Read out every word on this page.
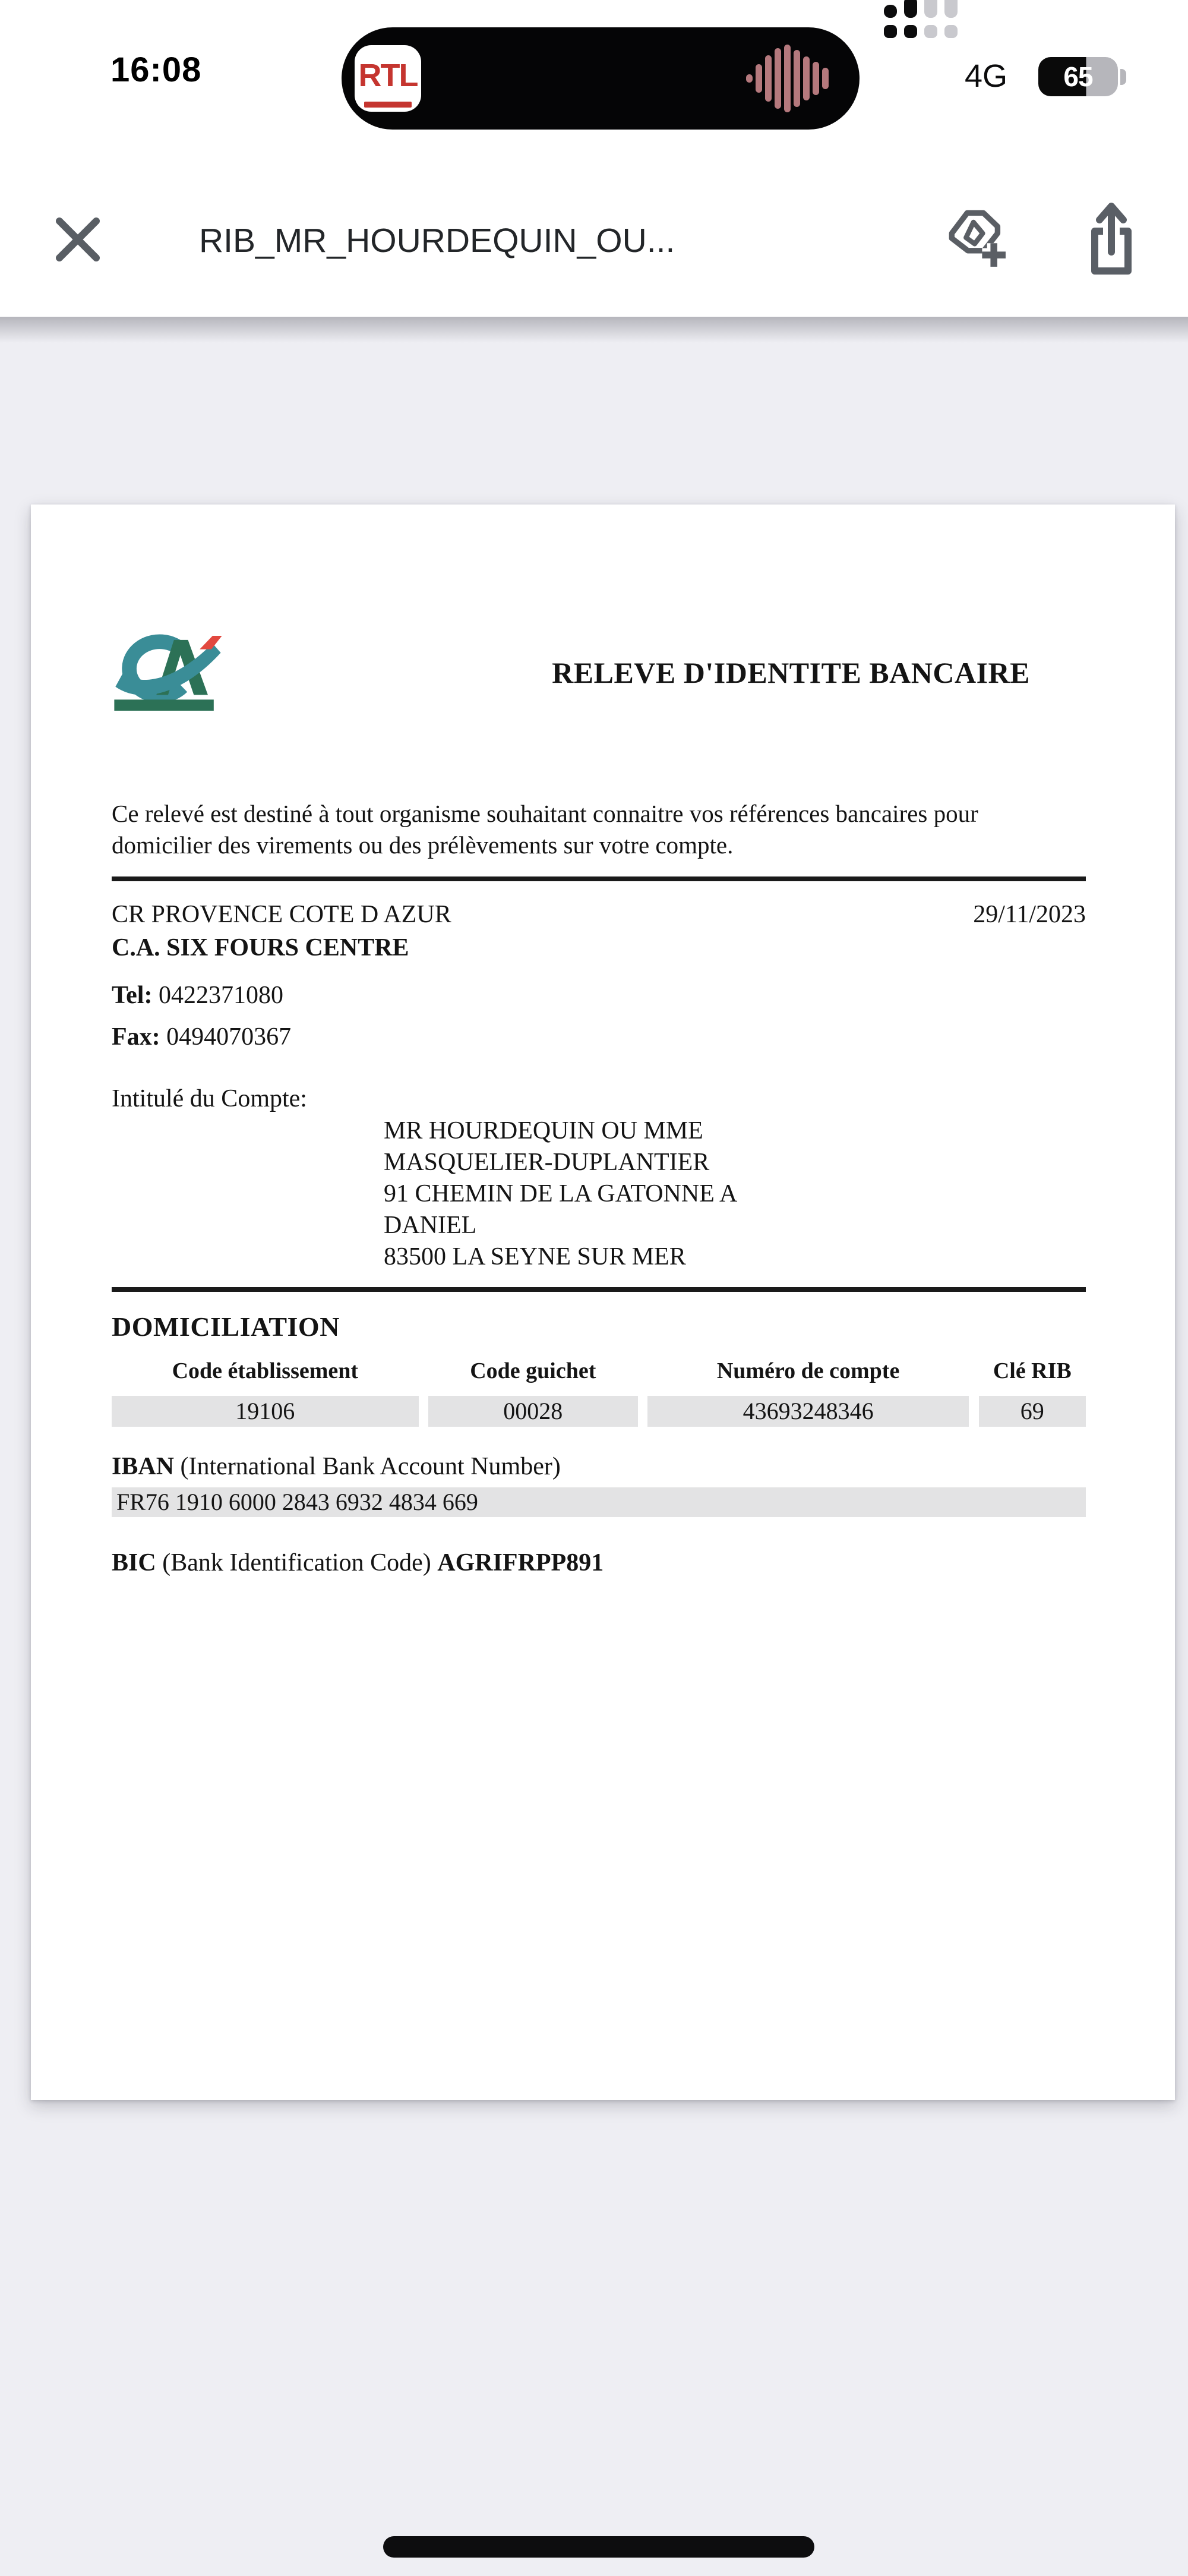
16:08	RTL	4G 65
RIB_MR_HOURDEQUIN_OU...
RELEVE D'IDENTITE BANCAIRE
Ce relevé est destiné à tout organisme souhaitant connaitre vos références bancaires pour
domicilier des virements ou des prélèvements sur votre compte.
CR PROVENCE COTE D AZUR	29/11/2023
C.A. SIX FOURS CENTRE
Tel: 0422371080
Fax: 0494070367
Intitulé du Compte:
MR HOURDEQUIN OU MME
MASQUELIER-DUPLANTIER
91 CHEMIN DE LA GATONNE A
DANIEL
83500 LA SEYNE SUR MER
DOMICILIATION
Code établissement	Code guichet	Numéro de compte	Clé RIB
19106	00028	43693248346	69
IBAN (International Bank Account Number)
FR76 1910 6000 2843 6932 4834 669
BIC (Bank Identification Code) AGRIFRPP891
